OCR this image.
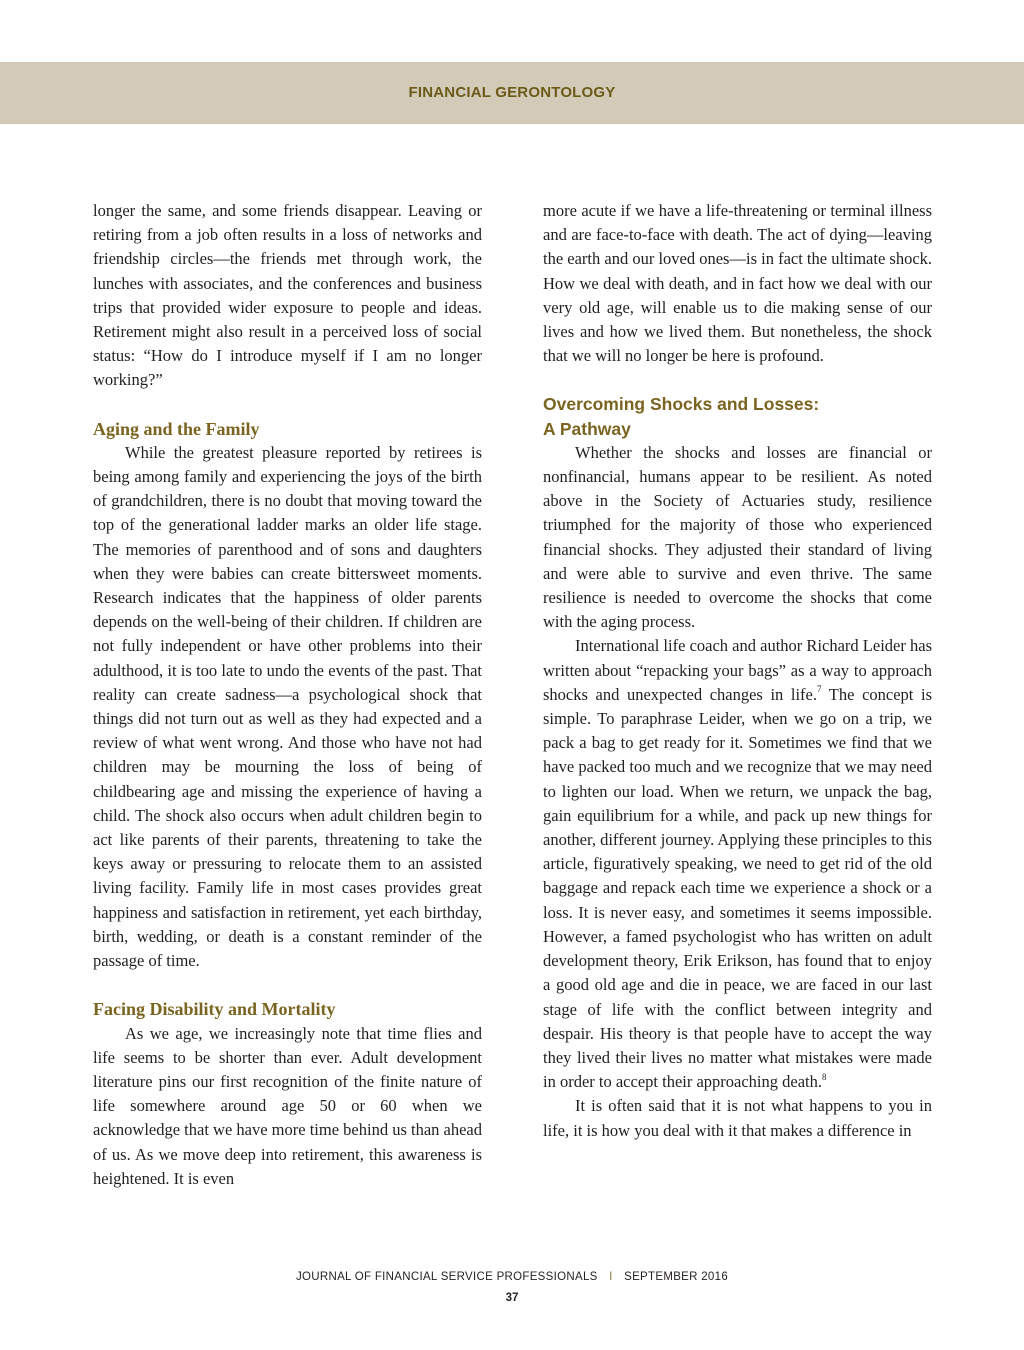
FINANCIAL GERONTOLOGY

longer the same, and some friends disappear. Leaving or retiring from a job often results in a loss of networks and friendship circles—the friends met through work, the lunches with associates, and the conferences and business trips that provided wider exposure to people and ideas. Retirement might also result in a perceived loss of social status: “How do I introduce myself if I am no longer working?”

Aging and the Family

While the greatest pleasure reported by retirees is being among family and experiencing the joys of the birth of grandchildren, there is no doubt that moving toward the top of the generational ladder marks an older life stage. The memories of parenthood and of sons and daughters when they were babies can create bittersweet moments. Research indicates that the happiness of older parents depends on the well-being of their children. If children are not fully independent or have other problems into their adulthood, it is too late to undo the events of the past. That reality can create sadness—a psychological shock that things did not turn out as well as they had expected and a review of what went wrong. And those who have not had children may be mourning the loss of being of childbearing age and missing the experience of having a child. The shock also occurs when adult children begin to act like parents of their parents, threatening to take the keys away or pressuring to relocate them to an assisted living facility. Family life in most cases provides great happiness and satisfaction in retirement, yet each birthday, birth, wedding, or death is a constant reminder of the passage of time.

Facing Disability and Mortality

As we age, we increasingly note that time flies and life seems to be shorter than ever. Adult development literature pins our first recognition of the finite nature of life somewhere around age 50 or 60 when we acknowledge that we have more time behind us than ahead of us. As we move deep into retirement, this awareness is heightened. It is even

more acute if we have a life-threatening or terminal illness and are face-to-face with death. The act of dying—leaving the earth and our loved ones—is in fact the ultimate shock. How we deal with death, and in fact how we deal with our very old age, will enable us to die making sense of our lives and how we lived them. But nonetheless, the shock that we will no longer be here is profound.

Overcoming Shocks and Losses:
A Pathway

Whether the shocks and losses are financial or nonfinancial, humans appear to be resilient. As noted above in the Society of Actuaries study, resilience triumphed for the majority of those who experienced financial shocks. They adjusted their standard of living and were able to survive and even thrive. The same resilience is needed to overcome the shocks that come with the aging process.

International life coach and author Richard Leider has written about “repacking your bags” as a way to approach shocks and unexpected changes in life.$^7$ The concept is simple. To paraphrase Leider, when we go on a trip, we pack a bag to get ready for it. Sometimes we find that we have packed too much and we recognize that we may need to lighten our load. When we return, we unpack the bag, gain equilibrium for a while, and pack up new things for another, different journey. Applying these principles to this article, figuratively speaking, we need to get rid of the old baggage and repack each time we experience a shock or a loss. It is never easy, and sometimes it seems impossible. However, a famed psychologist who has written on adult development theory, Erik Erikson, has found that to enjoy a good old age and die in peace, we are faced in our last stage of life with the conflict between integrity and despair. His theory is that people have to accept the way they lived their lives no matter what mistakes were made in order to accept their approaching death.$^8$

It is often said that it is not what happens to you in life, it is how you deal with it that makes a difference in

JOURNAL OF FINANCIAL SERVICE PROFESSIONALS I SEPTEMBER 2016
37
